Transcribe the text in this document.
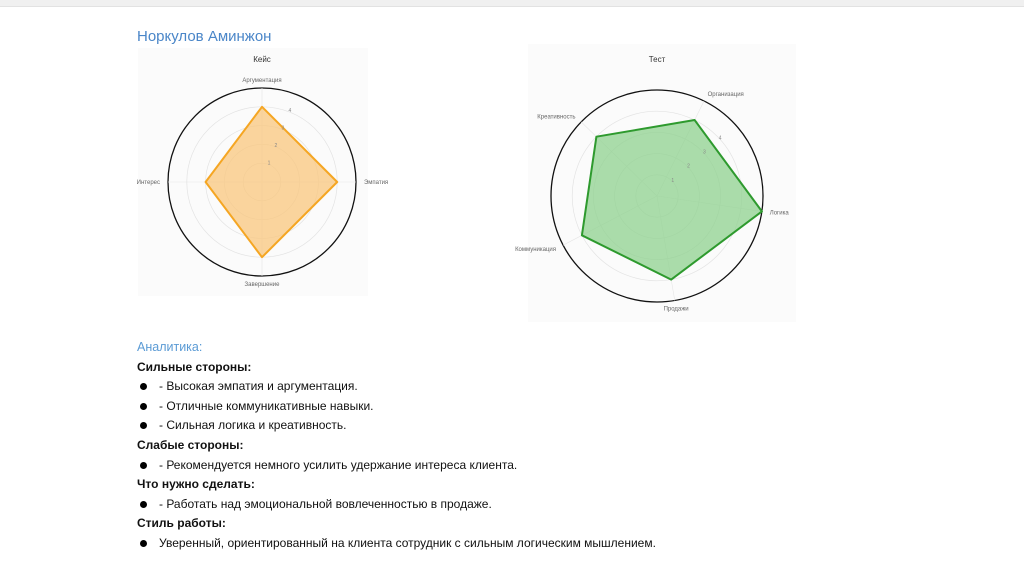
Норкулов Аминжон
Кейс
1
2
3
4
Аргументация
Эмпатия
Завершение
Интерес
Тест
1
2
3
4
Организация
Логика
Продажи
Коммуникация
Креативность
Аналитика:
Сильные стороны:
- Высокая эмпатия и аргументация.
- Отличные коммуникативные навыки.
- Сильная логика и креативность.
Слабые стороны:
- Рекомендуется немного усилить удержание интереса клиента.
Что нужно сделать:
- Работать над эмоциональной вовлеченностью в продаже.
Стиль работы:
Уверенный, ориентированный на клиента сотрудник с сильным логическим мышлением.
